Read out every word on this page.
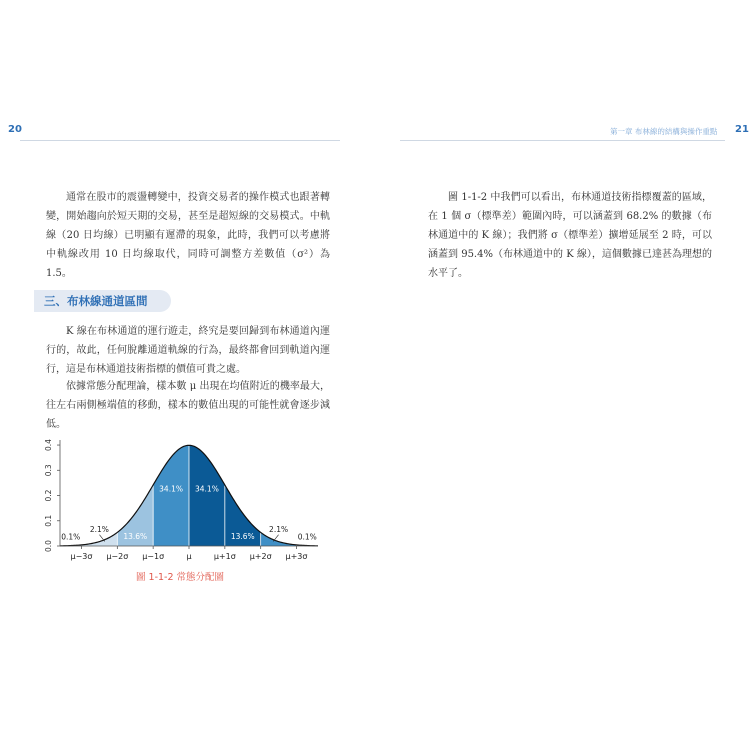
20	21
第一章 布林線的結構與操作重點

通常在股市的震盪轉變中，投資交易者的操作模式也跟著轉變，開始趨向於短天期的交易，甚至是超短線的交易模式。中軌線（20 日均線）已明顯有遲滯的現象，此時，我們可以考慮將中軌線改用 10 日均線取代，同時可調整方差數值（σ²）為 1.5。

三、布林線通道區間

K 線在布林通道的運行遊走，終究是要回歸到布林通道內運行的，故此，任何脫離通道軌線的行為，最終都會回到軌道內運行，這是布林通道技術指標的價值可貴之處。

依據常態分配理論，樣本數 μ 出現在均值附近的機率最大，往左右兩側極端值的移動，樣本的數值出現的可能性就會逐步減低。

0.0
0.1
0.2
0.3
0.4
μ−3σ μ−2σ μ−1σ	μ	μ+1σ μ+2σ μ+3σ
0.1%
2.1%
13.6%
34.1% 34.1%
13.6%
2.1%
0.1%
圖 1-1-2 常態分配圖

圖 1-1-2 中我們可以看出，布林通道技術指標覆蓋的區域，在 1 個 σ（標準差）範圍內時，可以涵蓋到 68.2% 的數據（布林通道中的 K 線）；我們將 σ（標準差）擴增延展至 2 時，可以涵蓋到 95.4%（布林通道中的 K 線），這個數據已達甚為理想的水平了。
